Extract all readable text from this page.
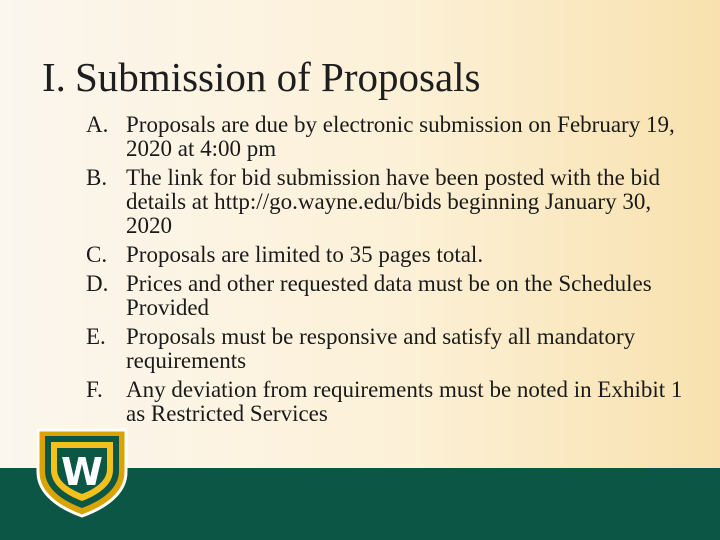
I. Submission of Proposals
A. Proposals are due by electronic submission on February 19, 2020 at 4:00 pm
B. The link for bid submission have been posted with the bid details at http://go.wayne.edu/bids beginning January 30, 2020
C. Proposals are limited to 35 pages total.
D. Prices and other requested data must be on the Schedules Provided
E. Proposals must be responsive and satisfy all mandatory requirements
F. Any deviation from requirements must be noted in Exhibit 1 as Restricted Services
W
